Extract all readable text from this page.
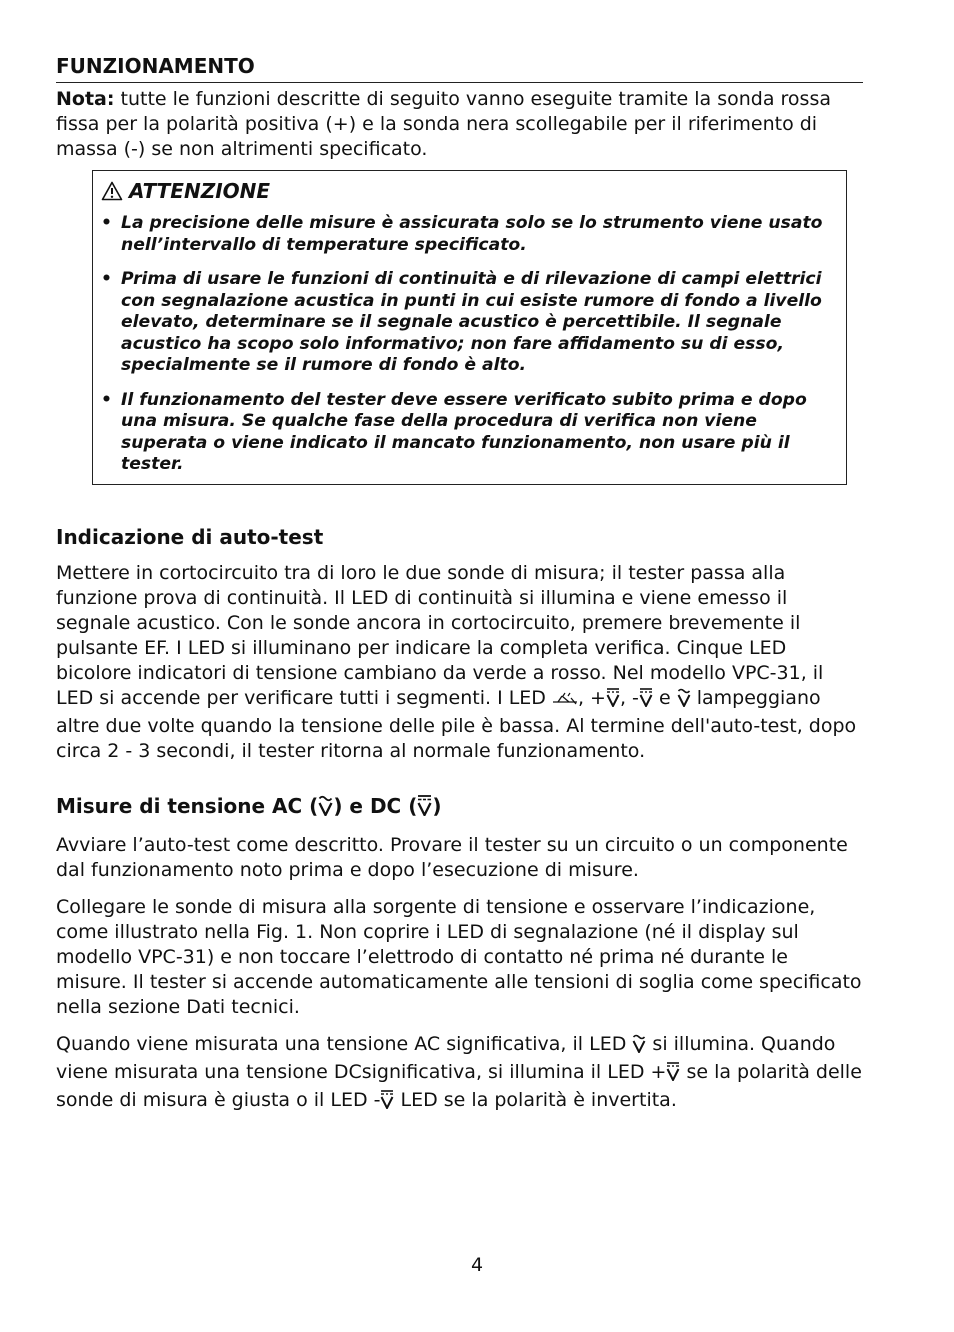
FUNZIONAMENTO

Nota: tutte le funzioni descritte di seguito vanno eseguite tramite la sonda rossa fissa per la polarità positiva (+) e la sonda nera scollegabile per il riferimento di massa (-) se non altrimenti specificato.

ATTENZIONE
• La precisione delle misure è assicurata solo se lo strumento viene usato nell’intervallo di temperature specificato.
• Prima di usare le funzioni di continuità e di rilevazione di campi elettrici con segnalazione acustica in punti in cui esiste rumore di fondo a livello elevato, determinare se il segnale acustico è percettibile. Il segnale acustico ha scopo solo informativo; non fare affidamento su di esso, specialmente se il rumore di fondo è alto.
• Il funzionamento del tester deve essere verificato subito prima e dopo una misura. Se qualche fase della procedura di verifica non viene superata o viene indicato il mancato funzionamento, non usare più il tester.
Indicazione di auto-test

Mettere in cortocircuito tra di loro le due sonde di misura; il tester passa alla funzione prova di continuità. Il LED di continuità si illumina e viene emesso il segnale acustico. Con le sonde ancora in cortocircuito, premere brevemente il pulsante EF. I LED si illuminano per indicare la completa verifica. Cinque LED bicolore indicatori di tensione cambiano da verde a rosso. Nel modello VPC-31, il LED si accende per verificare tutti i segmenti. I LED , + , - e  lampeggiano altre due volte quando la tensione delle pile è bassa. Al termine dell'auto-test, dopo circa 2 - 3 secondi, il tester ritorna al normale funzionamento.

Misure di tensione AC ( ) e DC ( )

Avviare l’auto-test come descritto. Provare il tester su un circuito o un componente dal funzionamento noto prima e dopo l’esecuzione di misure.

Collegare le sonde di misura alla sorgente di tensione e osservare l’indicazione, come illustrato nella Fig. 1. Non coprire i LED di segnalazione (né il display sul modello VPC-31) e non toccare l’elettrodo di contatto né prima né durante le misure. Il tester si accende automaticamente alle tensioni di soglia come specificato nella sezione Dati tecnici.

Quando viene misurata una tensione AC significativa, il LED  si illumina. Quando viene misurata una tensione DCsignificativa, si illumina il LED + se la polarità delle sonde di misura è giusta o il LED - LED se la polarità è invertita.

4
